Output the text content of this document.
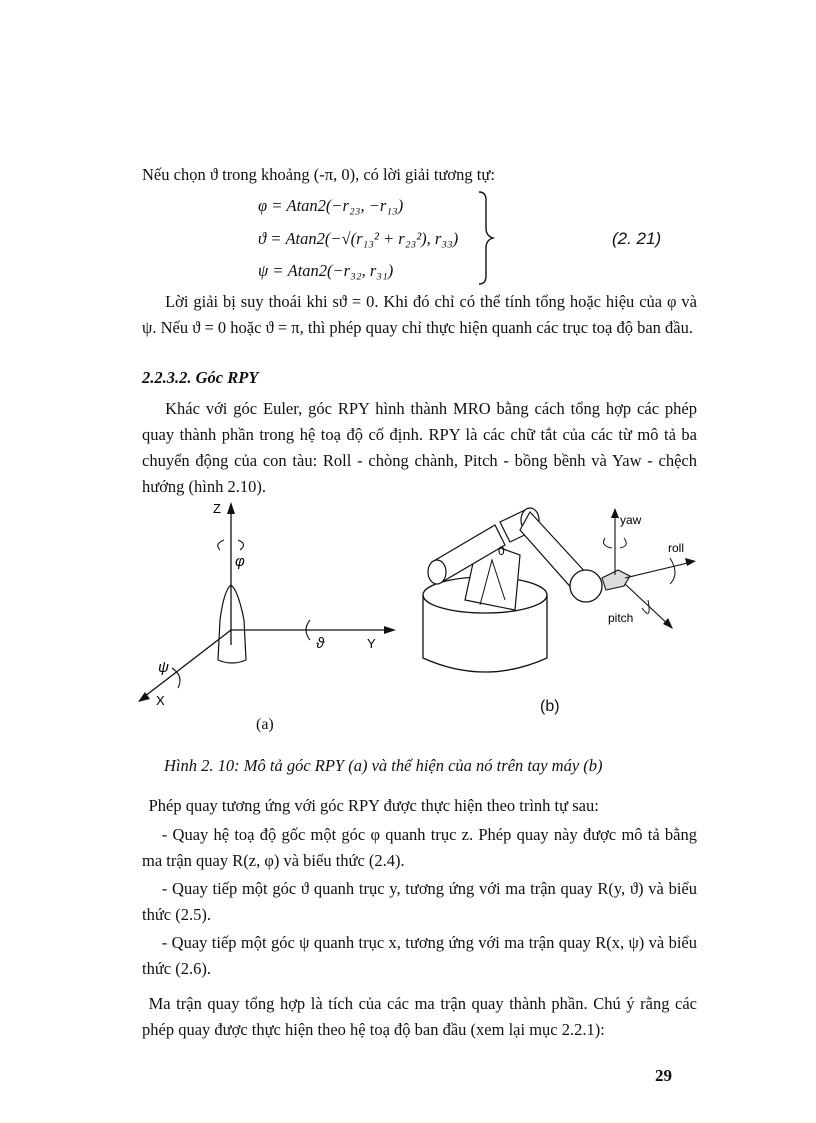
Nếu chọn ϑ trong khoảng (-π, 0), có lời giải tương tự:
φ = Atan2(−r₂₃, −r₁₃)
ϑ = Atan2(−√(r₁₃² + r₂₃²), r₃₃)
ψ = Atan2(−r₃₂, r₃₁)
(2. 21)
Lời giải bị suy thoái khi sϑ = 0. Khi đó chỉ có thể tính tổng hoặc hiệu của φ và ψ. Nếu ϑ = 0 hoặc ϑ = π, thì phép quay chỉ thực hiện quanh các trục toạ độ ban đầu.
2.2.3.2. Góc RPY
Khác với góc Euler, góc RPY hình thành MRO bằng cách tổng hợp các phép quay thành phần trong hệ toạ độ cố định. RPY là các chữ tắt của các từ mô tả ba chuyển động của con tàu: Roll - chòng chành, Pitch - bồng bềnh và Yaw - chệch hướng (hình 2.10).
Z
Y
X
φ
ϑ
ψ
0
yaw
roll
pitch
(a)
(b)
Hình 2. 10: Mô tả góc RPY (a) và thể hiện của nó trên tay máy (b)
Phép quay tương ứng với góc RPY được thực hiện theo trình tự sau:
- Quay hệ toạ độ gốc một góc φ quanh trục z. Phép quay này được mô tả bằng ma trận quay R(z, φ) và biểu thức (2.4).
- Quay tiếp một góc ϑ quanh trục y, tương ứng với ma trận quay R(y, ϑ) và biểu thức (2.5).
- Quay tiếp một góc ψ quanh trục x, tương ứng với ma trận quay R(x, ψ) và biểu thức (2.6).
Ma trận quay tổng hợp là tích của các ma trận quay thành phần. Chú ý rằng các phép quay được thực hiện theo hệ toạ độ ban đầu (xem lại mục 2.2.1):
29
